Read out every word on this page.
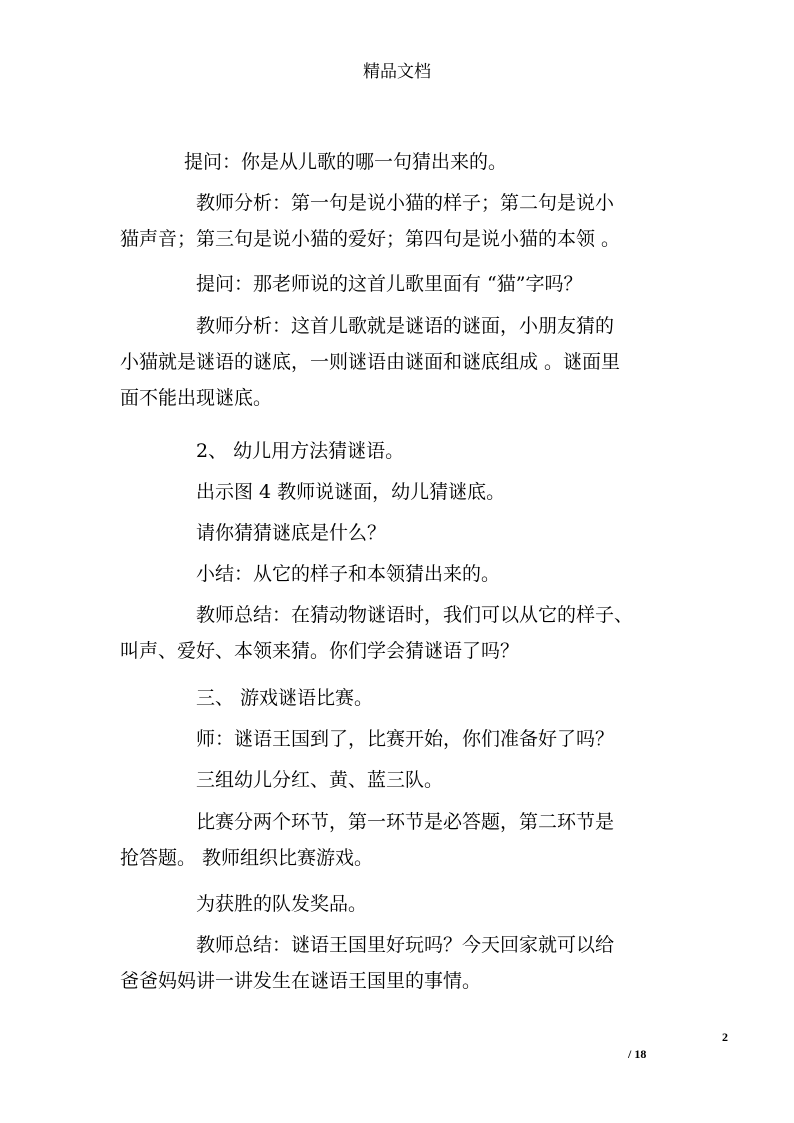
精品文档
提问：你是从儿歌的哪一句猜出来的。
教师分析：第一句是说小猫的样子；第二句是说小
猫声音；第三句是说小猫的爱好；第四句是说小猫的本领 。
提问：那老师说的这首儿歌里面有 “猫”字吗？
教师分析：这首儿歌就是谜语的谜面，小朋友猜的
小猫就是谜语的谜底，一则谜语由谜面和谜底组成 。谜面里
面不能出现谜底。
2、 幼儿用方法猜谜语。
出示图 4 教师说谜面，幼儿猜谜底。
请你猜猜谜底是什么？
小结：从它的样子和本领猜出来的。
教师总结：在猜动物谜语时，我们可以从它的样子、
叫声、爱好、本领来猜。你们学会猜谜语了吗？
三、 游戏谜语比赛。
师：谜语王国到了，比赛开始，你们准备好了吗？
三组幼儿分红、黄、蓝三队。
比赛分两个环节，第一环节是必答题，第二环节是
抢答题。 教师组织比赛游戏。
为获胜的队发奖品。
教师总结：谜语王国里好玩吗？今天回家就可以给
爸爸妈妈讲一讲发生在谜语王国里的事情。
2
/ 18
